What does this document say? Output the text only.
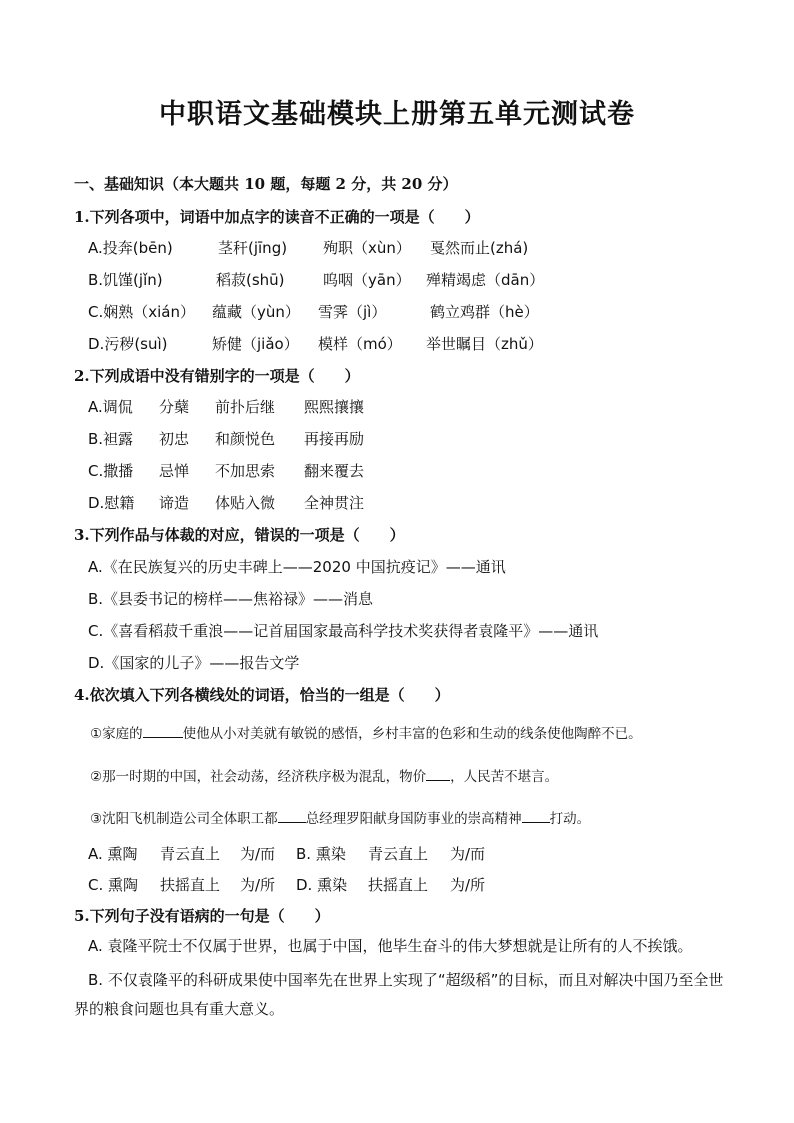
中职语文基础模块上册第五单元测试卷
一、基础知识（本大题共 10 题，每题 2 分，共 20 分）
1.下列各项中，词语中加点字的读音不正确的一项是（　　）
A.投奔(bēn)	茎秆(jīng) 殉职（xùn） 戛然而止(zhá)
B.饥馑(jǐn)	稻菽(shū)	呜咽（yān） 殚精竭虑（dān）
C.娴熟（xián） 蕴藏（yùn） 雪霁（jì）	鹤立鸡群（hè）
D.污秽(suì)	矫健（jiǎo） 模样（mó） 举世瞩目（zhǔ）
2.下列成语中没有错别字的一项是（　　）
A.调侃 分蘖 前扑后继 熙熙攘攘
B.袒露 初忠 和颜悦色 再接再励
C.撒播 忌惮 不加思索 翻来覆去
D.慰籍 谛造 体贴入微 全神贯注
3.下列作品与体裁的对应，错误的一项是（　　）
A.《在民族复兴的历史丰碑上——2020 中国抗疫记》——通讯
B.《县委书记的榜样——焦裕禄》——消息
C.《喜看稻菽千重浪——记首届国家最高科学技术奖获得者袁隆平》——通讯
D.《国家的儿子》——报告文学
4.依次填入下列各横线处的词语，恰当的一组是（　　）
①家庭的	使他从小对美就有敏锐的感悟，乡村丰富的色彩和生动的线条使他陶醉不已。
②那一时期的中国，社会动荡，经济秩序极为混乱，物价 ，人民苦不堪言。
③沈阳飞机制造公司全体职工都 总经理罗阳献身国防事业的崇高精神 打动。
A. 熏陶 青云直上 为/而 B. 熏染 青云直上 为/而
C. 熏陶 扶摇直上 为/所 D. 熏染 扶摇直上 为/所
5.下列句子没有语病的一句是（　　）
A. 袁隆平院士不仅属于世界，也属于中国，他毕生奋斗的伟大梦想就是让所有的人不挨饿。
B. 不仅袁隆平的科研成果使中国率先在世界上实现了“超级稻”的目标，而且对解决中国乃至全世界的粮食问题也具有重大意义。
